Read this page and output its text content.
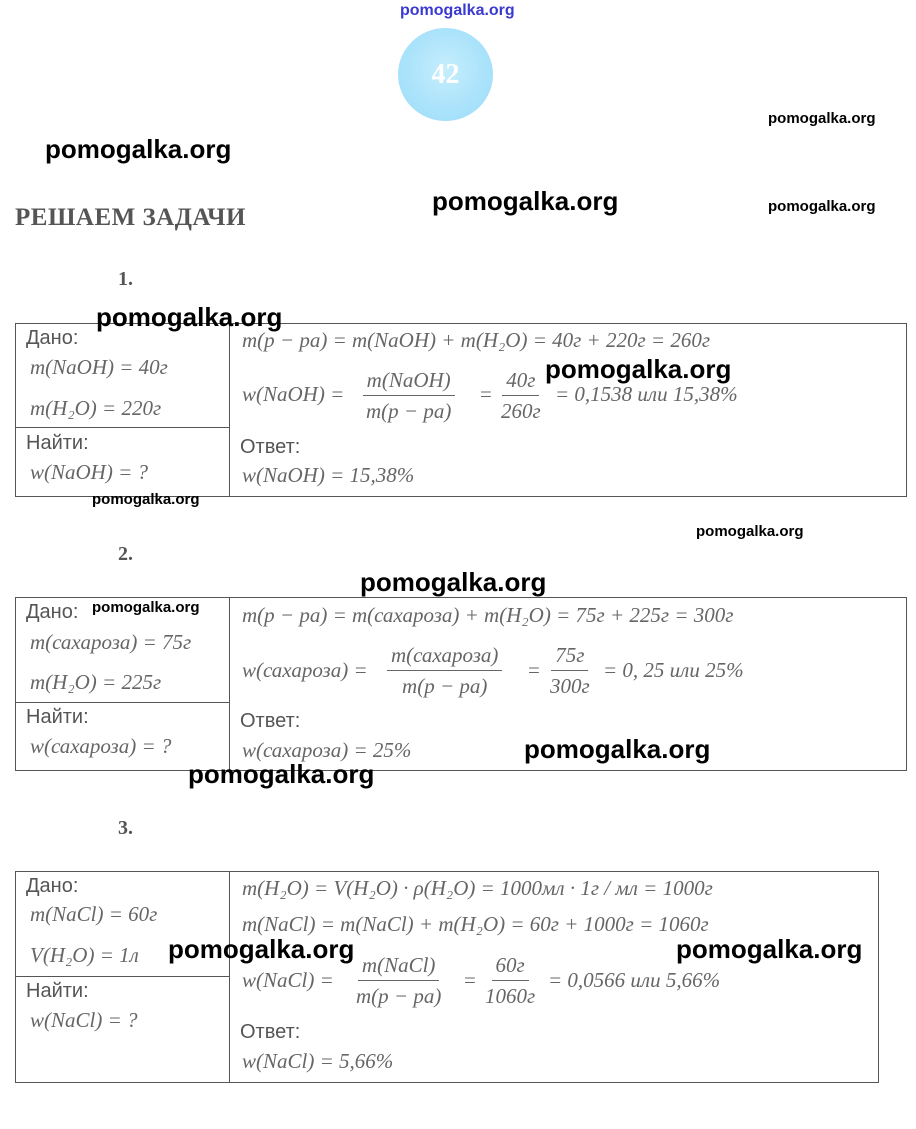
pomogalka.org
42
pomogalka.org
pomogalka.org
pomogalka.org	pomogalka.org
РЕШАЕМ ЗАДАЧИ
1.
Дано:
m(NaOH) = 40г
m(H₂O) = 220г
Найти:
w(NaOH) = ?
m(р − ра) = m(NaOH) + m(H₂O) = 40г + 220г = 260г
w(NaOH) =
m(NaOH)
m(р − ра)
=
40г
260г
= 0,1538 или 15,38%
Ответ:
w(NaOH) = 15,38%
pomogalka.org
pomogalka.org
pomogalka.org
pomogalka.org
2.
pomogalka.org
Дано:
m(сахароза) = 75г
m(H₂O) = 225г
Найти:
w(сахароза) = ?
m(р − ра) = m(сахароза) + m(H₂O) = 75г + 225г = 300г
w(сахароза) =
m(сахароза)
m(р − ра)
=
75г
300г
= 0, 25 или 25%
Ответ:
w(сахароза) = 25%
pomogalka.org
pomogalka.org
pomogalka.org
3.
Дано:
m(NaCl) = 60г
V(H₂O) = 1л
Найти:
w(NaCl) = ?
m(H₂O) = V(H₂O) · ρ(H₂O) = 1000мл · 1г / мл = 1000г
m(NaCl) = m(NaCl) + m(H₂O) = 60г + 1000г = 1060г
w(NaCl) =
m(NaCl)
m(р − ра)
=
60г
1060г
= 0,0566 или 5,66%
Ответ:
w(NaCl) = 5,66%
pomogalka.org	pomogalka.org
